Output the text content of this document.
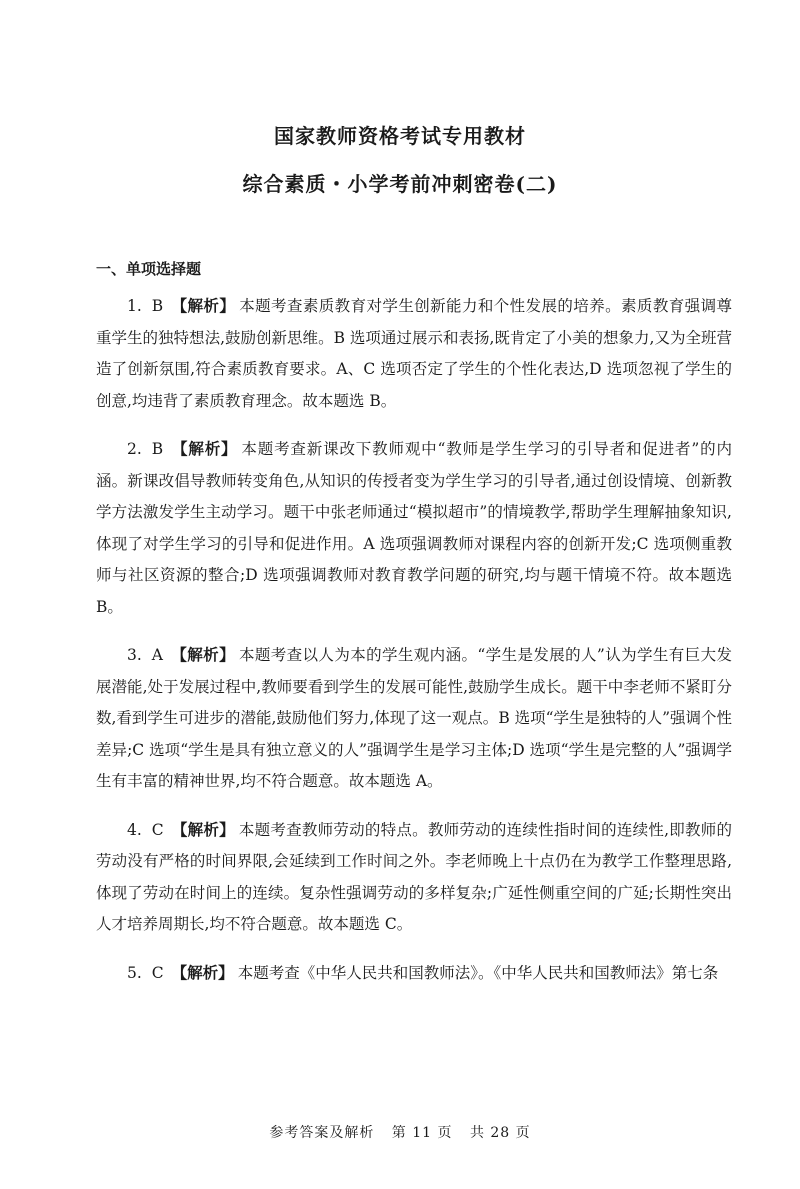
国家教师资格考试专用教材
综合素质・小学考前冲刺密卷(二)
一、单项选择题

1. B 【解析】 本题考查素质教育对学生创新能力和个性发展的培养。素质教育强调尊重学生的独特想法,鼓励创新思维。B 选项通过展示和表扬,既肯定了小美的想象力,又为全班营造了创新氛围,符合素质教育要求。A、C 选项否定了学生的个性化表达,D 选项忽视了学生的创意,均违背了素质教育理念。故本题选 B。

2. B 【解析】 本题考查新课改下教师观中“教师是学生学习的引导者和促进者”的内涵。新课改倡导教师转变角色,从知识的传授者变为学生学习的引导者,通过创设情境、创新教学方法激发学生主动学习。题干中张老师通过“模拟超市”的情境教学,帮助学生理解抽象知识,体现了对学生学习的引导和促进作用。A 选项强调教师对课程内容的创新开发;C 选项侧重教师与社区资源的整合;D 选项强调教师对教育教学问题的研究,均与题干情境不符。故本题选 B。

3. A 【解析】 本题考查以人为本的学生观内涵。“学生是发展的人”认为学生有巨大发展潜能,处于发展过程中,教师要看到学生的发展可能性,鼓励学生成长。题干中李老师不紧盯分数,看到学生可进步的潜能,鼓励他们努力,体现了这一观点。B 选项“学生是独特的人”强调个性差异;C 选项“学生是具有独立意义的人”强调学生是学习主体;D 选项“学生是完整的人”强调学生有丰富的精神世界,均不符合题意。故本题选 A。

4. C 【解析】 本题考查教师劳动的特点。教师劳动的连续性指时间的连续性,即教师的劳动没有严格的时间界限,会延续到工作时间之外。李老师晚上十点仍在为教学工作整理思路,体现了劳动在时间上的连续。复杂性强调劳动的多样复杂;广延性侧重空间的广延;长期性突出人才培养周期长,均不符合题意。故本题选 C。

5. C 【解析】 本题考查《中华人民共和国教师法》。《中华人民共和国教师法》第七条

参考答案及解析 第 11 页 共 28 页
